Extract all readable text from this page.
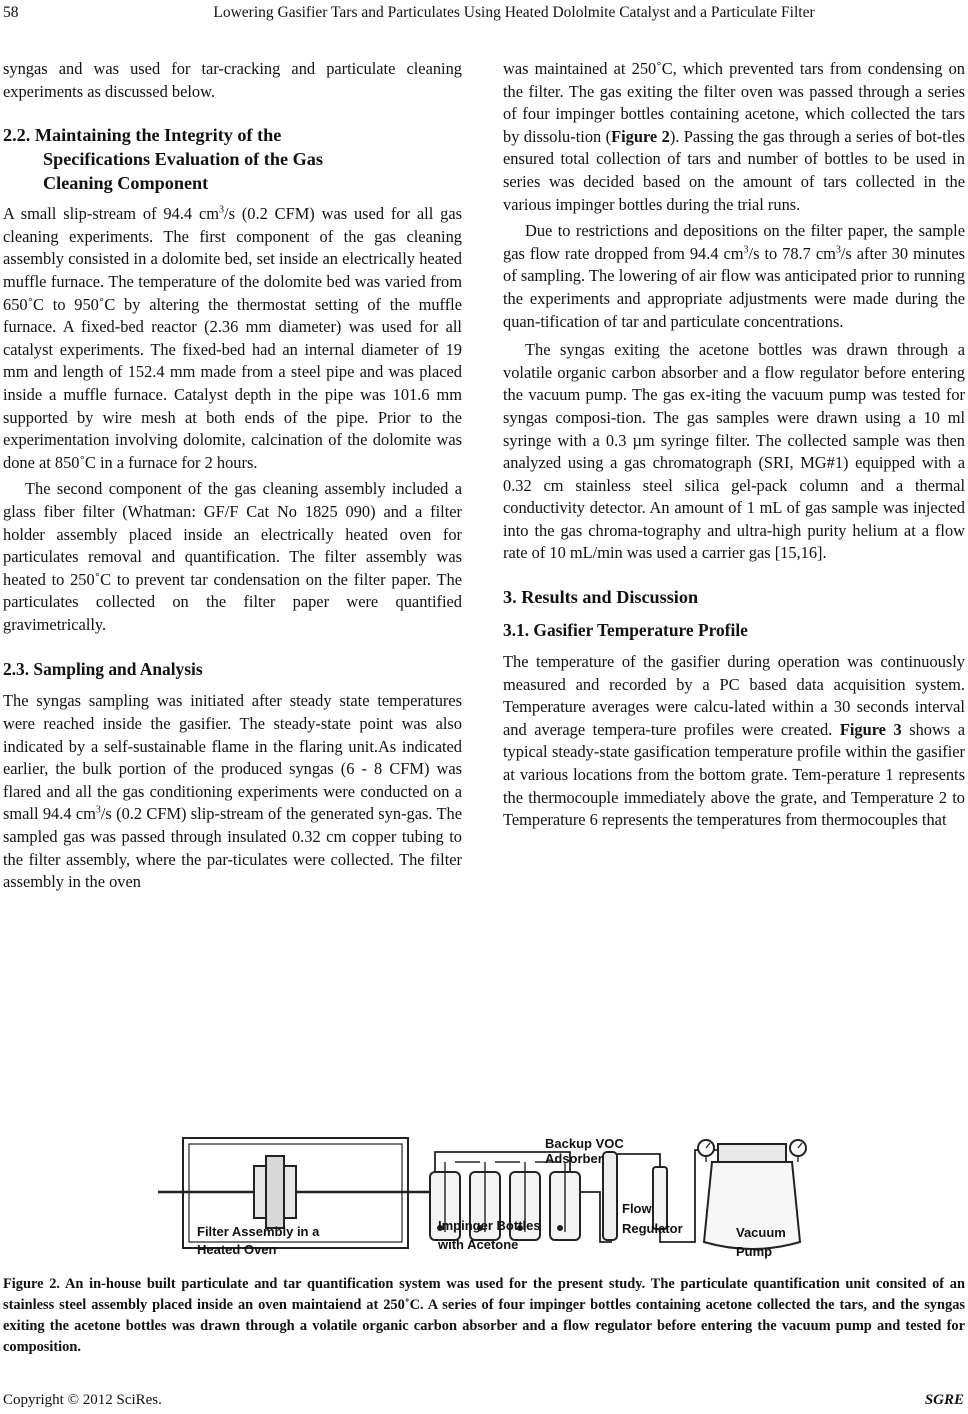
58	Lowering Gasifier Tars and Particulates Using Heated Dololmite Catalyst and a Particulate Filter

syngas and was used for tar-cracking and particulate cleaning experiments as discussed below.

2.2. Maintaining the Integrity of the
Specifications Evaluation of the Gas
Cleaning Component

A small slip-stream of 94.4 $cm^3/s$ (0.2 CFM) was used for all gas cleaning experiments. The first component of the gas cleaning assembly consisted in a dolomite bed, set inside an electrically heated muffle furnace. The temperature of the dolomite bed was varied from 650˚C to 950˚C by altering the thermostat setting of the muffle furnace. A fixed-bed reactor (2.36 mm diameter) was used for all catalyst experiments. The fixed-bed had an internal diameter of 19 mm and length of 152.4 mm made from a steel pipe and was placed inside a muffle furnace. Catalyst depth in the pipe was 101.6 mm supported by wire mesh at both ends of the pipe. Prior to the experimentation involving dolomite, calcination of the dolomite was done at 850˚C in a furnace for 2 hours.

The second component of the gas cleaning assembly included a glass fiber filter (Whatman: GF/F Cat No 1825 090) and a filter holder assembly placed inside an electrically heated oven for particulates removal and quantification. The filter assembly was heated to 250˚C to prevent tar condensation on the filter paper. The particulates collected on the filter paper were quantified gravimetrically.

2.3. Sampling and Analysis

The syngas sampling was initiated after steady state temperatures were reached inside the gasifier. The steady-state point was also indicated by a self-sustainable flame in the flaring unit.As indicated earlier, the bulk portion of the produced syngas (6 - 8 CFM) was flared and all the gas conditioning experiments were conducted on a small 94.4 $cm^3/s$ (0.2 CFM) slip-stream of the generated syn-gas. The sampled gas was passed through insulated 0.32 cm copper tubing to the filter assembly, where the par-ticulates were collected. The filter assembly in the oven

was maintained at 250˚C, which prevented tars from condensing on the filter. The gas exiting the filter oven was passed through a series of four impinger bottles containing acetone, which collected the tars by dissolu-tion (Figure 2). Passing the gas through a series of bot-tles ensured total collection of tars and number of bottles to be used in series was decided based on the amount of tars collected in the various impinger bottles during the trial runs.

Due to restrictions and depositions on the filter paper, the sample gas flow rate dropped from 94.4 $cm^3/s$ to 78.7 $cm^3/s$ after 30 minutes of sampling. The lowering of air flow was anticipated prior to running the experiments and appropriate adjustments were made during the quan-tification of tar and particulate concentrations.

The syngas exiting the acetone bottles was drawn through a volatile organic carbon absorber and a flow regulator before entering the vacuum pump. The gas ex-iting the vacuum pump was tested for syngas composi-tion. The gas samples were drawn using a 10 ml syringe with a 0.3 µm syringe filter. The collected sample was then analyzed using a gas chromatograph (SRI, MG#1) equipped with a 0.32 cm stainless steel silica gel-pack column and a thermal conductivity detector. An amount of 1 mL of gas sample was injected into the gas chroma-tography and ultra-high purity helium at a flow rate of 10 mL/min was used a carrier gas [15,16].

3. Results and Discussion
3.1. Gasifier Temperature Profile

The temperature of the gasifier during operation was continuously measured and recorded by a PC based data acquisition system. Temperature averages were calcu-lated within a 30 seconds interval and average tempera-ture profiles were created. Figure 3 shows a typical steady-state gasification temperature profile within the gasifier at various locations from the bottom grate. Tem-perature 1 represents the thermocouple immediately above the grate, and Temperature 2 to Temperature 6 represents the temperatures from thermocouples that

Backup VOC
Adsorber
Filter Assembly in a
Heated Oven
Impinger Bottles
with Acetone
Flow
Regulator	Vacuum
Pump
Figure 2. An in-house built particulate and tar quantification system was used for the present study. The particulate quantification unit consited of an stainless steel assembly placed inside an oven maintaiend at 250˚C. A series of four impinger bottles containing acetone collected the tars, and the syngas exiting the acetone bottles was drawn through a volatile organic carbon absorber and a flow regulator before entering the vacuum pump and tested for composition.
Copyright © 2012 SciRes.	SGRE
